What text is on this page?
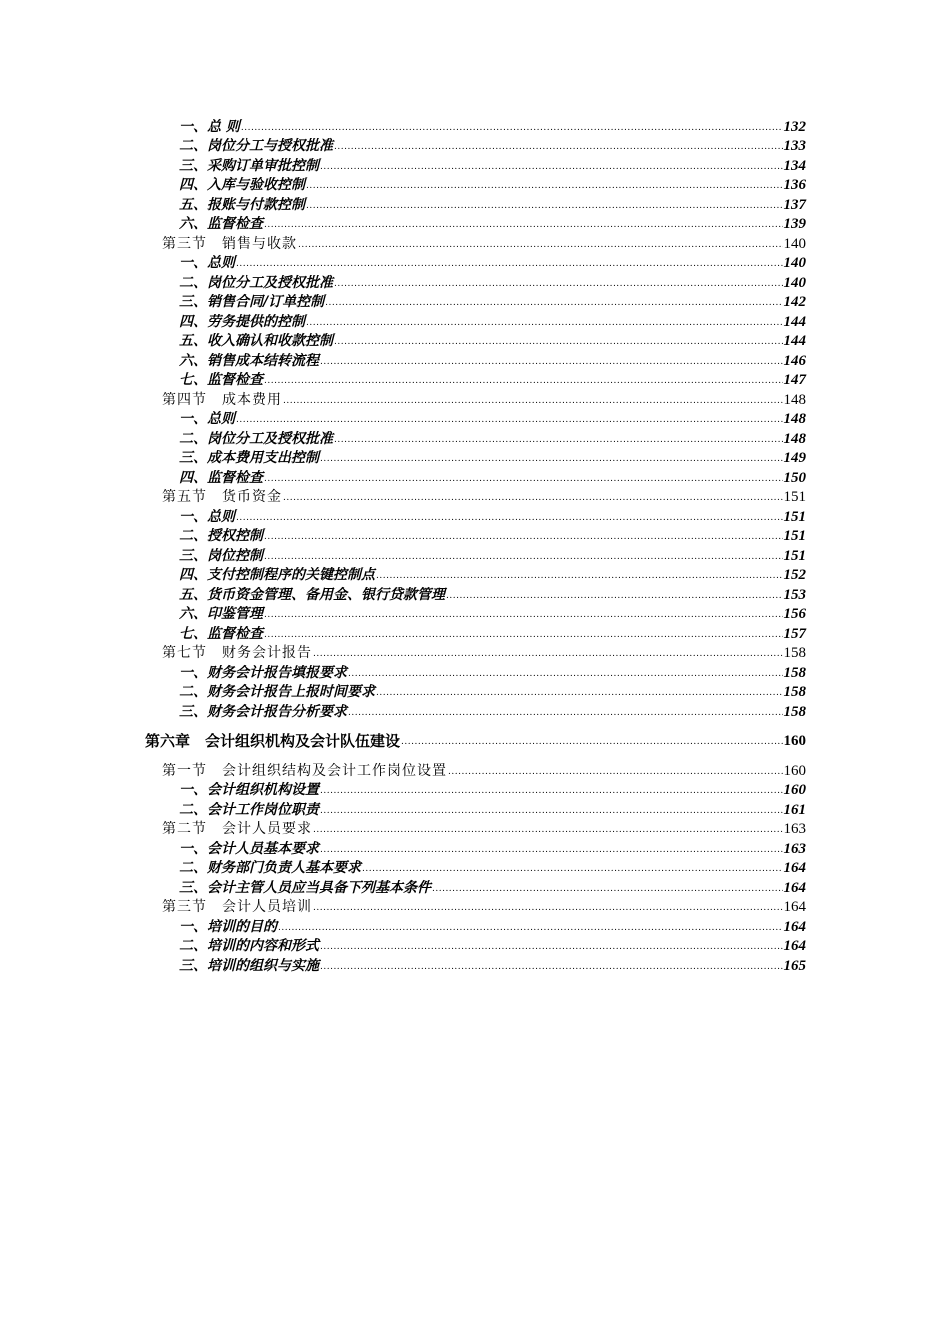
一、总 则 .....	132
二、岗位分工与授权批准 .....	133
三、采购订单审批控制 .....	134
四、入库与验收控制 .....	136
五、报账与付款控制 .....	137
六、监督检查 .....	139
第三节　销售与收款 .....	140
一、总则 .....	140
二、岗位分工及授权批准 .....	140
三、销售合同/订单控制 .....	142
四、劳务提供的控制 .....	144
五、收入确认和收款控制 .....	144
六、销售成本结转流程 .....	146
七、监督检查 .....	147
第四节　成本费用 .....	148
一、总则 .....	148
二、岗位分工及授权批准 .....	148
三、成本费用支出控制 .....	149
四、监督检查 .....	150
第五节　货币资金 .....	151
一、总则 .....	151
二、授权控制 .....	151
三、岗位控制 .....	151
四、支付控制程序的关键控制点 .....	152
五、货币资金管理、备用金、银行贷款管理 .....	153
六、印鉴管理 .....	156
七、监督检查 .....	157
第七节　财务会计报告 .....	158
一、财务会计报告填报要求 .....	158
二、财务会计报告上报时间要求 .....	158
三、财务会计报告分析要求 .....	158
第六章　会计组织机构及会计队伍建设 .....	160
第一节　会计组织结构及会计工作岗位设置 .....	160
一、会计组织机构设置 .....	160
二、会计工作岗位职责 .....	161
第二节　会计人员要求 .....	163
一、会计人员基本要求 .....	163
二、财务部门负责人基本要求 .....	164
三、会计主管人员应当具备下列基本条件 .....	164
第三节　会计人员培训 .....	164
一、培训的目的 .....	164
二、培训的内容和形式 .....	164
三、培训的组织与实施 .....	165
